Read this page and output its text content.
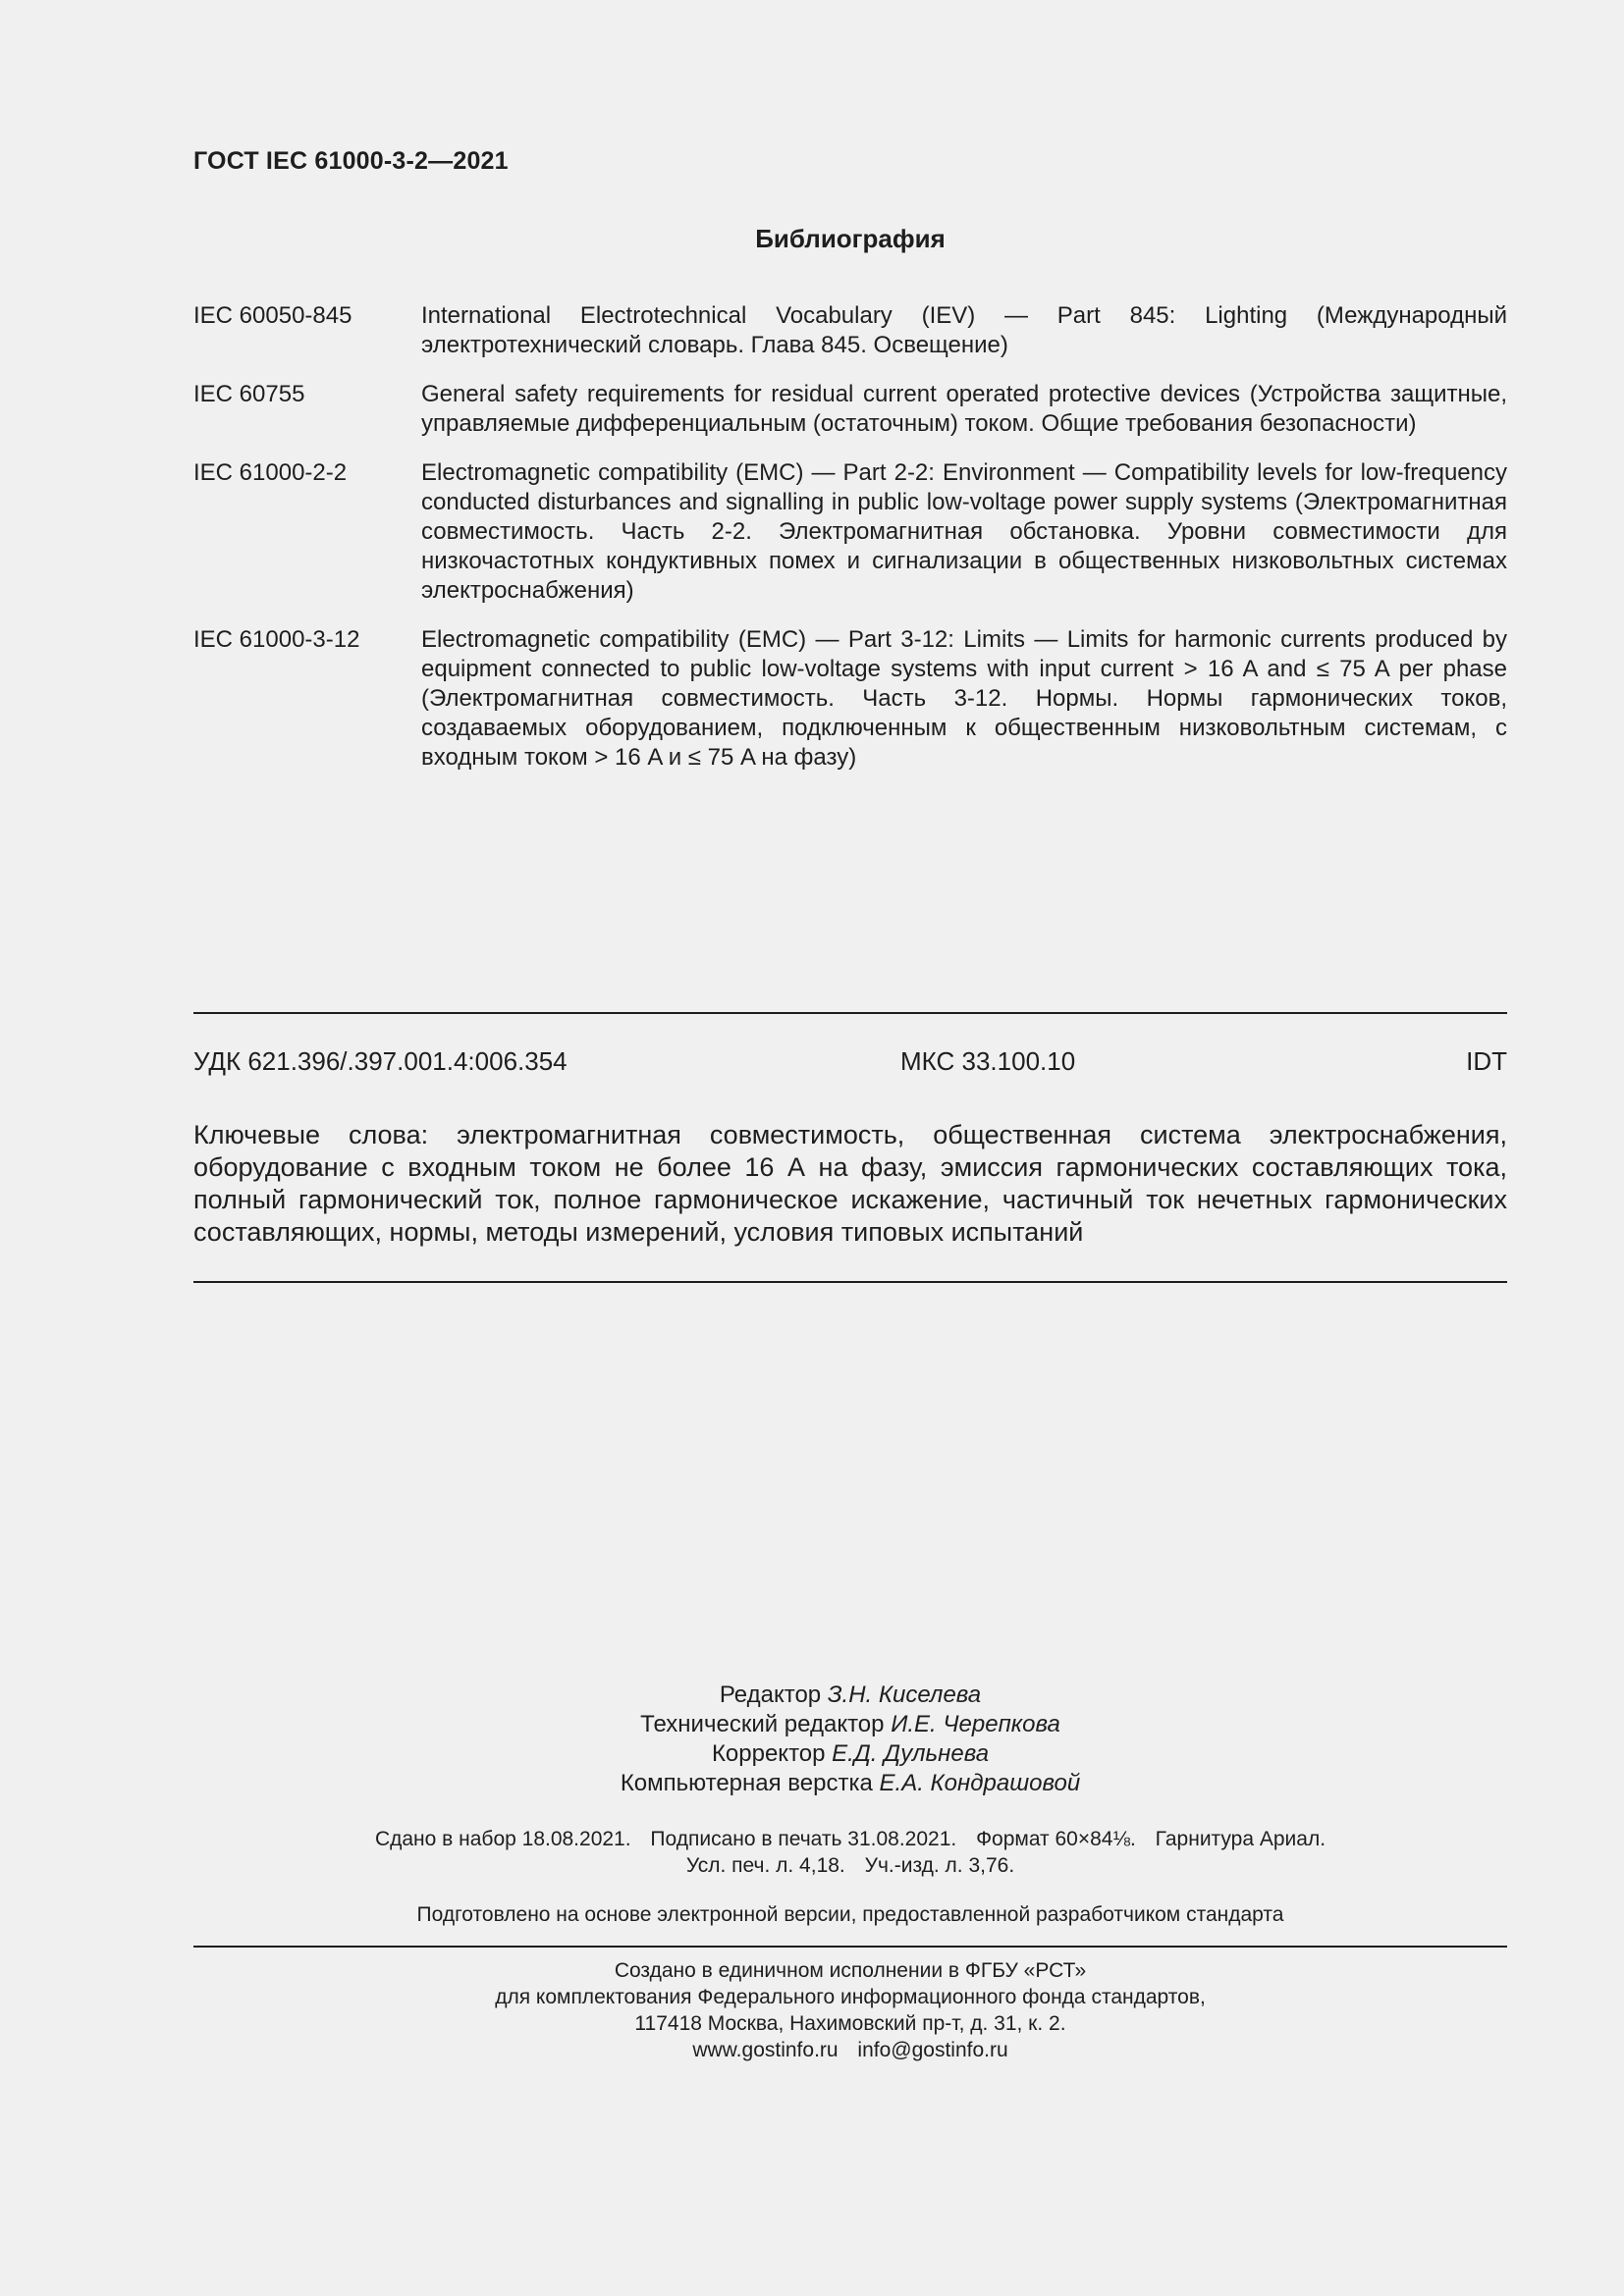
ГОСТ IEC 61000-3-2—2021
Библиография
IEC 60050-845	International Electrotechnical Vocabulary (IEV) — Part 845: Lighting (Международный электротехнический словарь. Глава 845. Освещение)
IEC 60755	General safety requirements for residual current operated protective devices (Устройства защитные, управляемые дифференциальным (остаточным) током. Общие требования безопасности)
IEC 61000-2-2	Electromagnetic compatibility (EMC) — Part 2-2: Environment — Compatibility levels for low-frequency conducted disturbances and signalling in public low-voltage power supply systems (Электромагнитная совместимость. Часть 2-2. Электромагнитная обстановка. Уровни совместимости для низкочастотных кондуктивных помех и сигнализации в общественных низковольтных системах электроснабжения)
IEC 61000-3-12	Electromagnetic compatibility (EMC) — Part 3-12: Limits — Limits for harmonic currents produced by equipment connected to public low-voltage systems with input current > 16 A and ≤ 75 A per phase (Электромагнитная совместимость. Часть 3-12. Нормы. Нормы гармонических токов, создаваемых оборудованием, подключенным к общественным низковольтным системам, с входным током > 16 A и ≤ 75 A на фазу)
УДК 621.396/.397.001.4:006.354	МКС 33.100.10	IDT
Ключевые слова: электромагнитная совместимость, общественная система электроснабжения, оборудование с входным током не более 16 А на фазу, эмиссия гармонических составляющих тока, полный гармонический ток, полное гармоническое искажение, частичный ток нечетных гармонических составляющих, нормы, методы измерений, условия типовых испытаний
Редактор З.Н. Киселева
Технический редактор И.Е. Черепкова
Корректор Е.Д. Дульнева
Компьютерная верстка Е.А. Кондрашовой
Сдано в набор 18.08.2021. Подписано в печать 31.08.2021. Формат 60×84⅛. Гарнитура Ариал.
Усл. печ. л. 4,18. Уч.-изд. л. 3,76.
Подготовлено на основе электронной версии, предоставленной разработчиком стандарта
Создано в единичном исполнении в ФГБУ «РСТ»
для комплектования Федерального информационного фонда стандартов,
117418 Москва, Нахимовский пр-т, д. 31, к. 2.
www.gostinfo.ru info@gostinfo.ru
